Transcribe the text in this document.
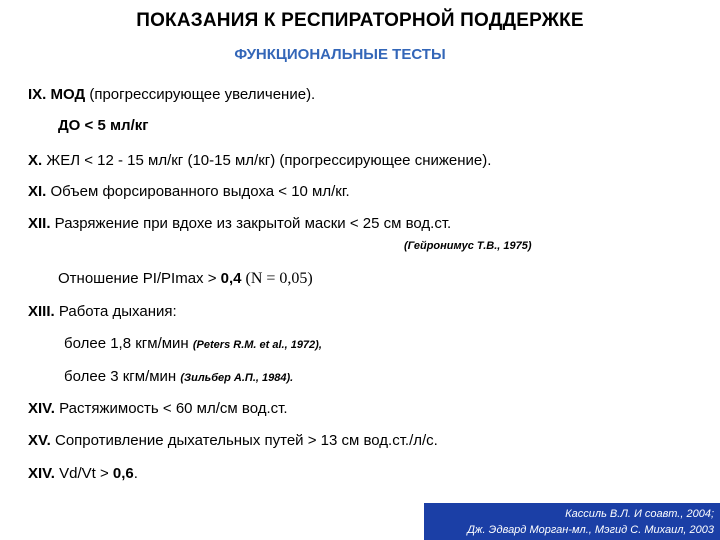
ПОКАЗАНИЯ К РЕСПИРАТОРНОЙ ПОДДЕРЖКЕ
ФУНКЦИОНАЛЬНЫЕ ТЕСТЫ
IX. МОД (прогрессирующее увеличение).
ДО < 5 мл/кг
X. ЖЕЛ < 12 - 15 мл/кг (10-15 мл/кг) (прогрессирующее снижение).
XI. Объем форсированного выдоха < 10 мл/кг.
XII. Разряжение при вдохе из закрытой маски < 25 см вод.ст.
(Гейронимус Т.В., 1975)
Отношение PI/PImax > 0,4 (N = 0,05)
XIII. Работа дыхания:
более 1,8 кгм/мин (Peters R.M. et al., 1972),
более 3 кгм/мин (Зильбер А.П., 1984).
XIV. Растяжимость < 60 мл/см вод.ст.
XV. Сопротивление дыхательных путей > 13 см вод.ст./л/с.
XIV. Vd/Vt > 0,6.
Кассиль В.Л. И соавт., 2004;
Дж. Эдвард Морган-мл., Мэгид С. Михаил, 2003
